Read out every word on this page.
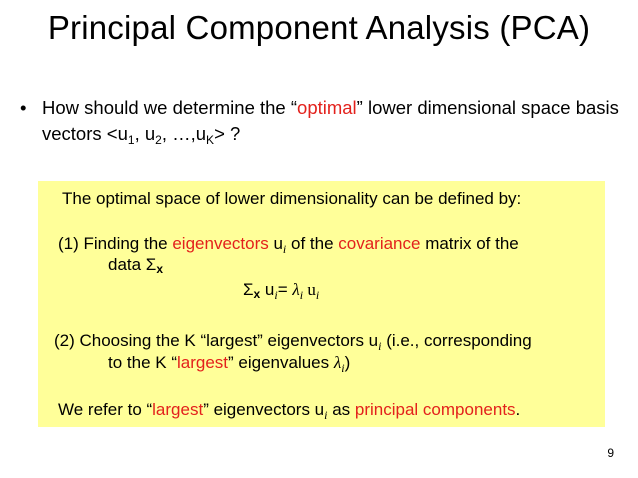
Principal Component Analysis (PCA)
• How should we determine the “optimal” lower dimensional space basis vectors $<u_1$, $u_2$, $\dots,u_K>$ ?
The optimal space of lower dimensionality can be defined by:
(1) Finding the eigenvectors $u_i$ of the covariance matrix of the
data Σx
Σx $u_i= \lambda_i$ $u_i$
(2) Choosing the K “largest” eigenvectors $u_i$ (i.e., corresponding
to the K “largest” eigenvalues $\lambda_i$)
We refer to “largest” eigenvectors $u_i$ as principal components.
9
